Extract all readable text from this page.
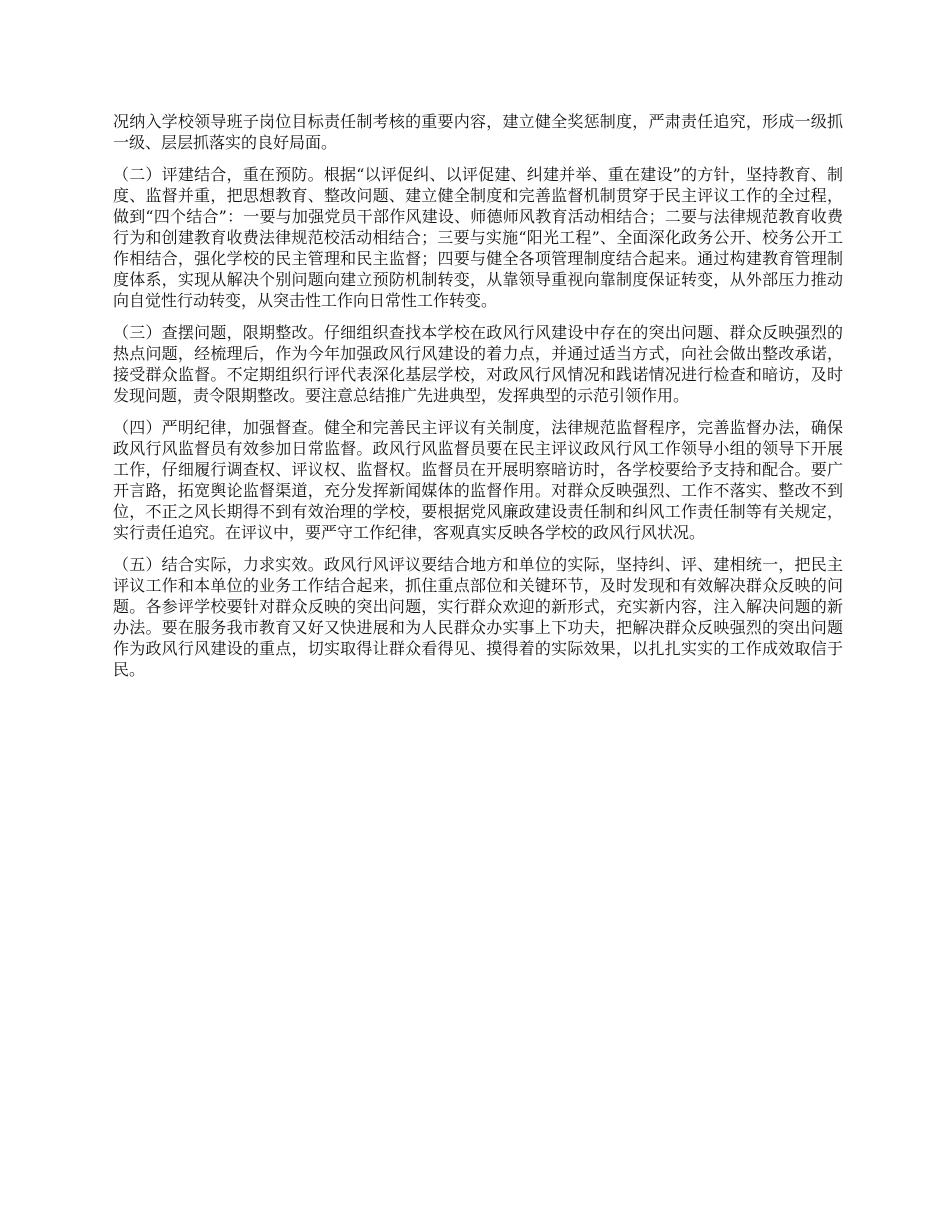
况纳入学校领导班子岗位目标责任制考核的重要内容，建立健全奖惩制度，严肃责任追究，形成一级抓一级、层层抓落实的良好局面。

（二）评建结合，重在预防。根据“以评促纠、以评促建、纠建并举、重在建设”的方针，坚持教育、制度、监督并重，把思想教育、整改问题、建立健全制度和完善监督机制贯穿于民主评议工作的全过程，做到“四个结合”：一要与加强党员干部作风建设、师德师风教育活动相结合；二要与法律规范教育收费行为和创建教育收费法律规范校活动相结合；三要与实施“阳光工程”、全面深化政务公开、校务公开工作相结合，强化学校的民主管理和民主监督；四要与健全各项管理制度结合起来。通过构建教育管理制度体系，实现从解决个别问题向建立预防机制转变，从靠领导重视向靠制度保证转变，从外部压力推动向自觉性行动转变，从突击性工作向日常性工作转变。

（三）查摆问题，限期整改。仔细组织查找本学校在政风行风建设中存在的突出问题、群众反映强烈的热点问题，经梳理后，作为今年加强政风行风建设的着力点，并通过适当方式，向社会做出整改承诺，接受群众监督。不定期组织行评代表深化基层学校，对政风行风情况和践诺情况进行检查和暗访，及时发现问题，责令限期整改。要注意总结推广先进典型，发挥典型的示范引领作用。

（四）严明纪律，加强督查。健全和完善民主评议有关制度，法律规范监督程序，完善监督办法，确保政风行风监督员有效参加日常监督。政风行风监督员要在民主评议政风行风工作领导小组的领导下开展工作，仔细履行调查权、评议权、监督权。监督员在开展明察暗访时，各学校要给予支持和配合。要广开言路，拓宽舆论监督渠道，充分发挥新闻媒体的监督作用。对群众反映强烈、工作不落实、整改不到位，不正之风长期得不到有效治理的学校，要根据党风廉政建设责任制和纠风工作责任制等有关规定，实行责任追究。在评议中，要严守工作纪律，客观真实反映各学校的政风行风状况。

（五）结合实际，力求实效。政风行风评议要结合地方和单位的实际，坚持纠、评、建相统一，把民主评议工作和本单位的业务工作结合起来，抓住重点部位和关键环节，及时发现和有效解决群众反映的问题。各参评学校要针对群众反映的突出问题，实行群众欢迎的新形式，充实新内容，注入解决问题的新办法。要在服务我市教育又好又快进展和为人民群众办实事上下功夫，把解决群众反映强烈的突出问题作为政风行风建设的重点，切实取得让群众看得见、摸得着的实际效果，以扎扎实实的工作成效取信于民。
